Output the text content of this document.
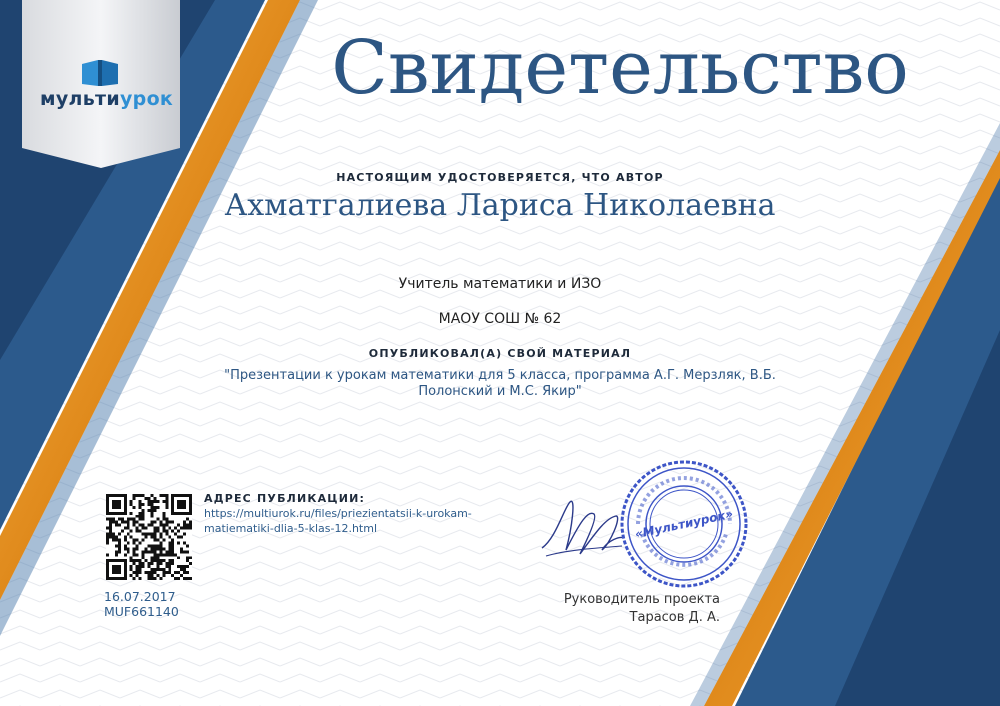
мультиурок	Свидетельство
НАСТОЯЩИМ УДОСТОВЕРЯЕТСЯ, ЧТО АВТОР
Ахматгалиева Лариса Николаевна
Учитель математики и ИЗО
МАОУ СОШ № 62
ОПУБЛИКОВАЛ(А) СВОЙ МАТЕРИАЛ
"Презентации к урокам математики для 5 класса, программа А.Г. Мерзляк, В.Б. Полонский и М.С. Якир"
АДРЕС ПУБЛИКАЦИИ:
https://multiurok.ru/files/priezientatsii-k-urokam-matiematiki-dlia-5-klas-12.html
16.07.2017
MUF661140
«Мультиурок»
Руководитель проекта
Тарасов Д. А.
